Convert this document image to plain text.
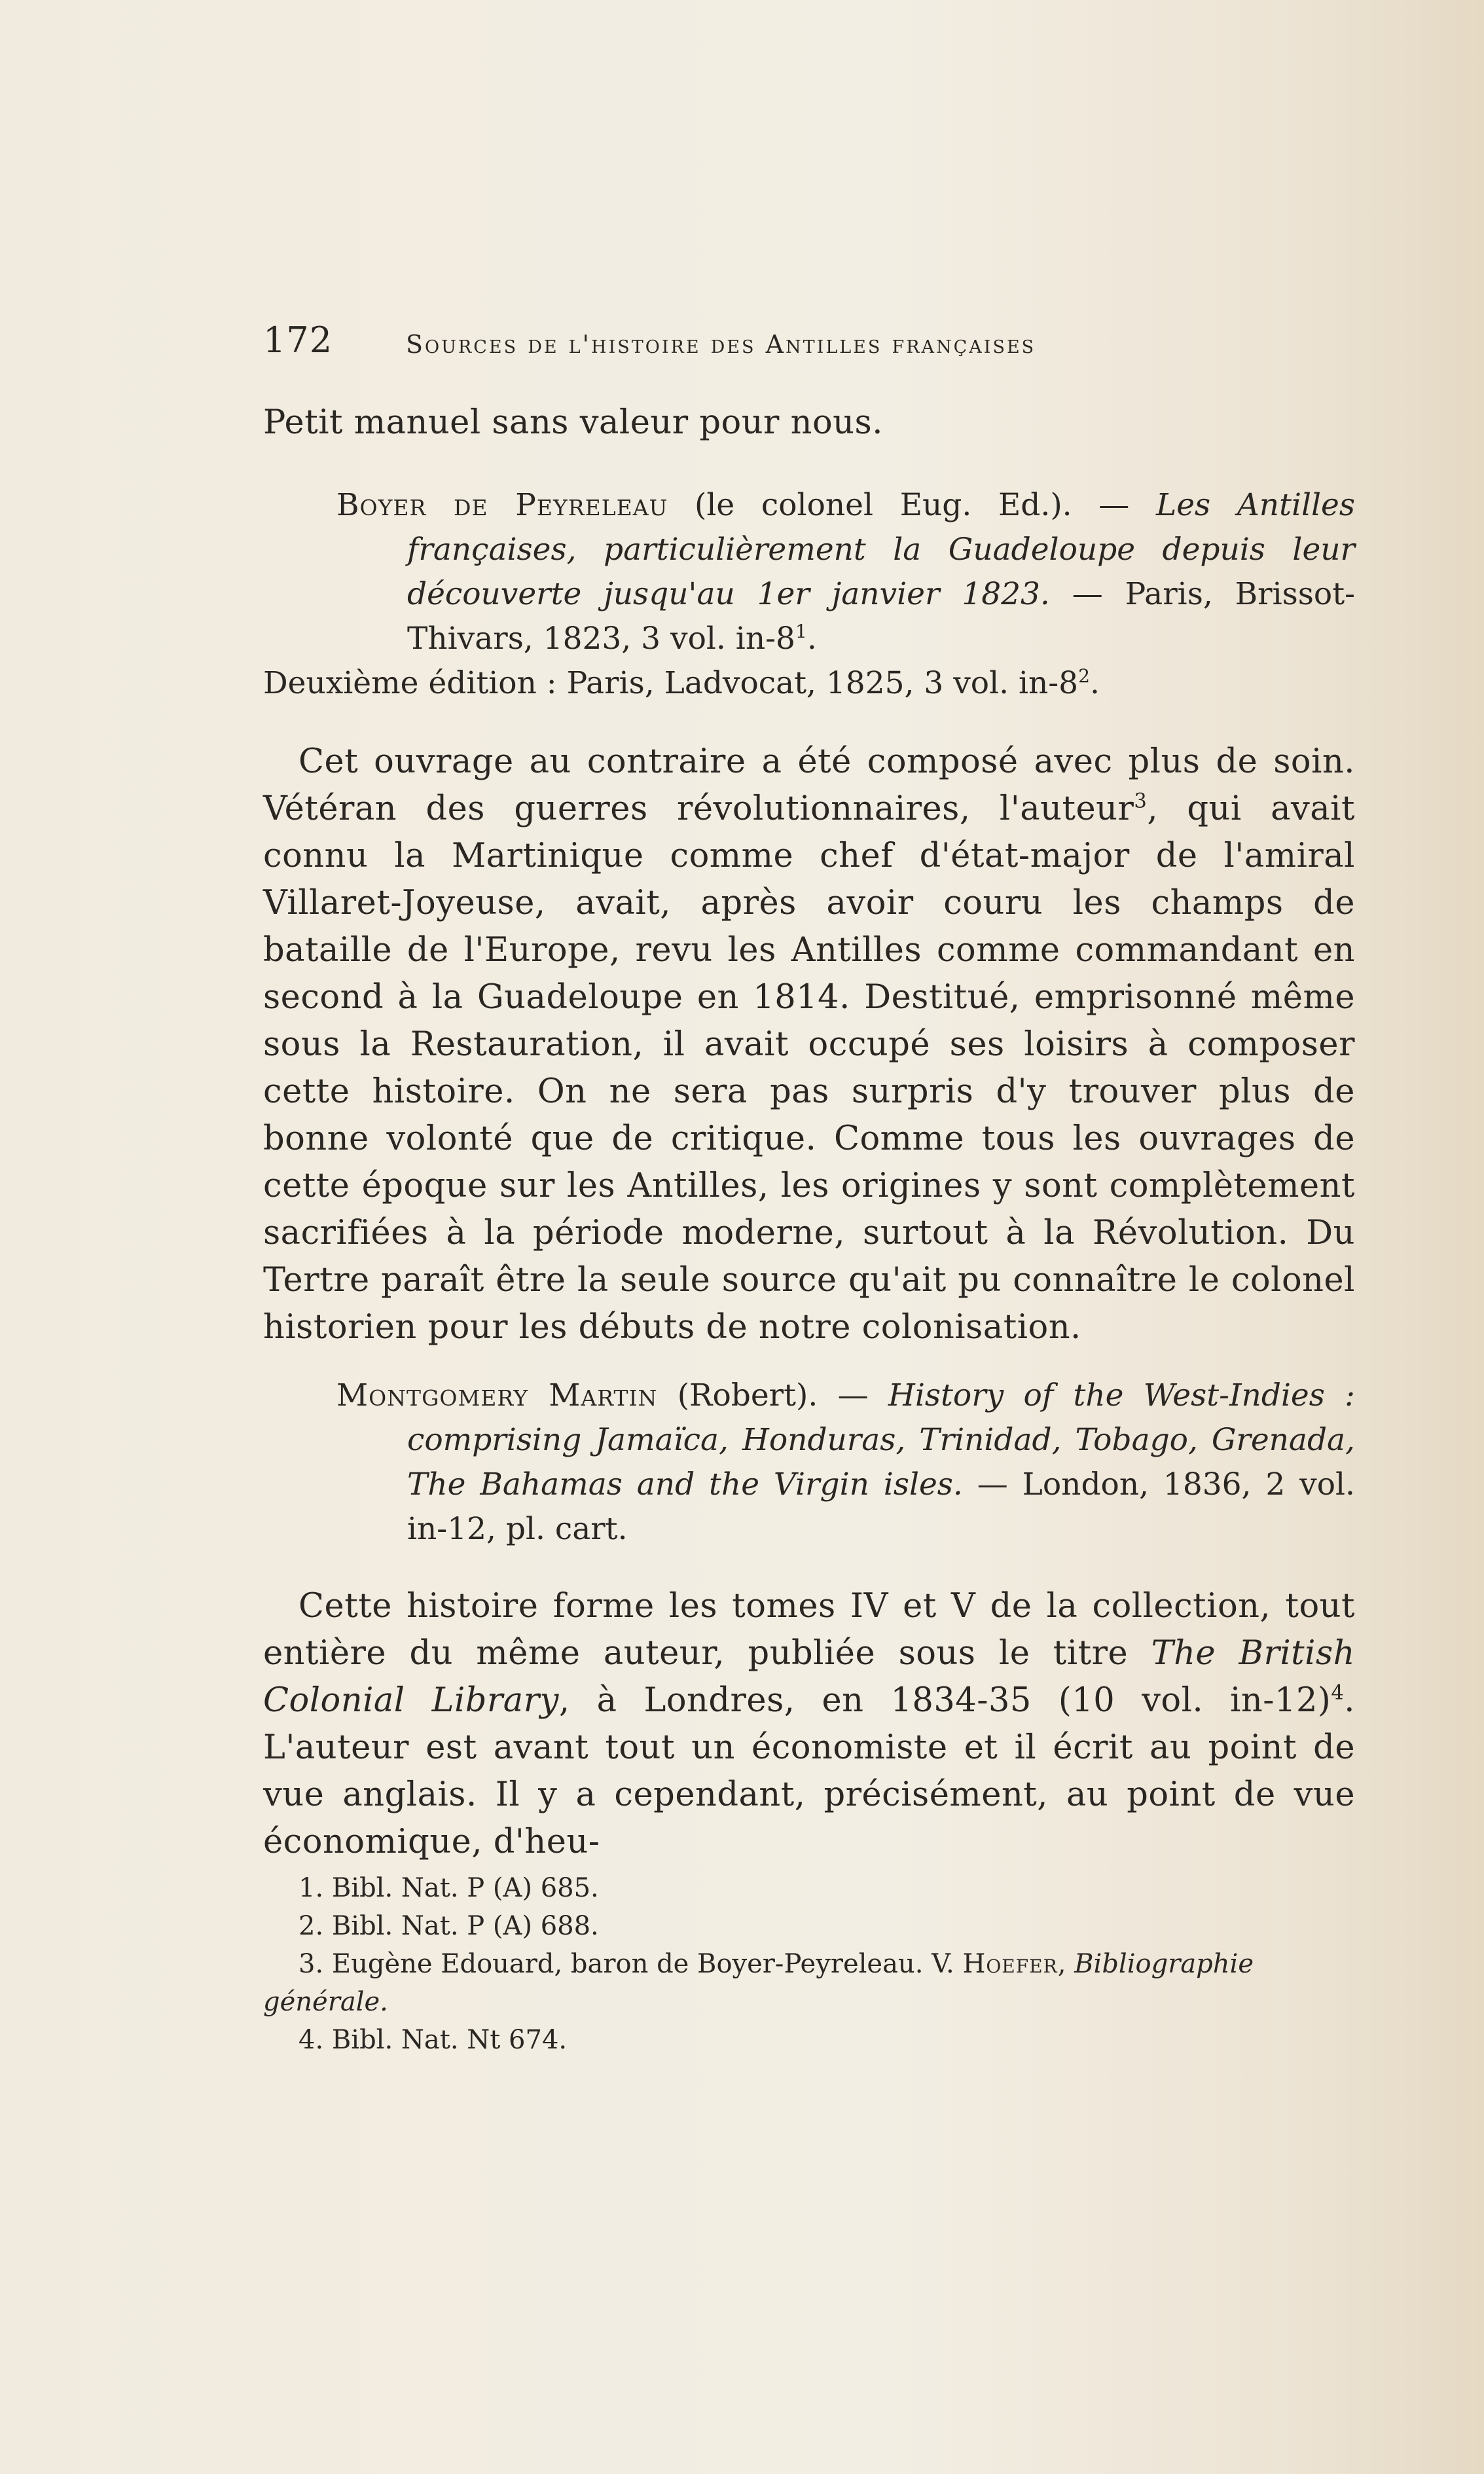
172	Sources de l'histoire des Antilles françaises

Petit manuel sans valeur pour nous.

Boyer de Peyreleau (le colonel Eug. Ed.). — Les Antilles françaises, particulièrement la Guadeloupe depuis leur découverte jusqu'au 1er janvier 1823. — Paris, Brissot-Thivars, 1823, 3 vol. $in-8^1$.

Deuxième édition : Paris, Ladvocat, 1825, 3 vol. $in-8^2$.

Cet ouvrage au contraire a été composé avec plus de soin. Vétéran des guerres révolutionnaires, l'auteur$^3$, qui avait connu la Martinique comme chef d'état-major de l'amiral Villaret-Joyeuse, avait, après avoir couru les champs de bataille de l'Europe, revu les Antilles comme commandant en second à la Guadeloupe en 1814. Destitué, emprisonné même sous la Restauration, il avait occupé ses loisirs à composer cette histoire. On ne sera pas surpris d'y trouver plus de bonne volonté que de critique. Comme tous les ouvrages de cette époque sur les Antilles, les origines y sont complètement sacrifiées à la période moderne, surtout à la Révolution. Du Tertre paraît être la seule source qu'ait pu connaître le colonel historien pour les débuts de notre colonisation.

Montgomery Martin (Robert). — History of the West-Indies : comprising Jamaïca, Honduras, Trinidad, Tobago, Grenada, The Bahamas and the Virgin isles. — London, 1836, 2 vol. in-12, pl. cart.

Cette histoire forme les tomes IV et V de la collection, tout entière du même auteur, publiée sous le titre The British Colonial Library, à Londres, en 1834-35 (10 vol. in-12)$^4$. L'auteur est avant tout un économiste et il écrit au point de vue anglais. Il y a cependant, précisément, au point de vue économique, d'heu-

1. Bibl. Nat. P (A) 685.

2. Bibl. Nat. P (A) 688.

3. Eugène Edouard, baron de Boyer-Peyreleau. V. Hoefer, Bibliographie générale.

4. Bibl. Nat. Nt 674.
